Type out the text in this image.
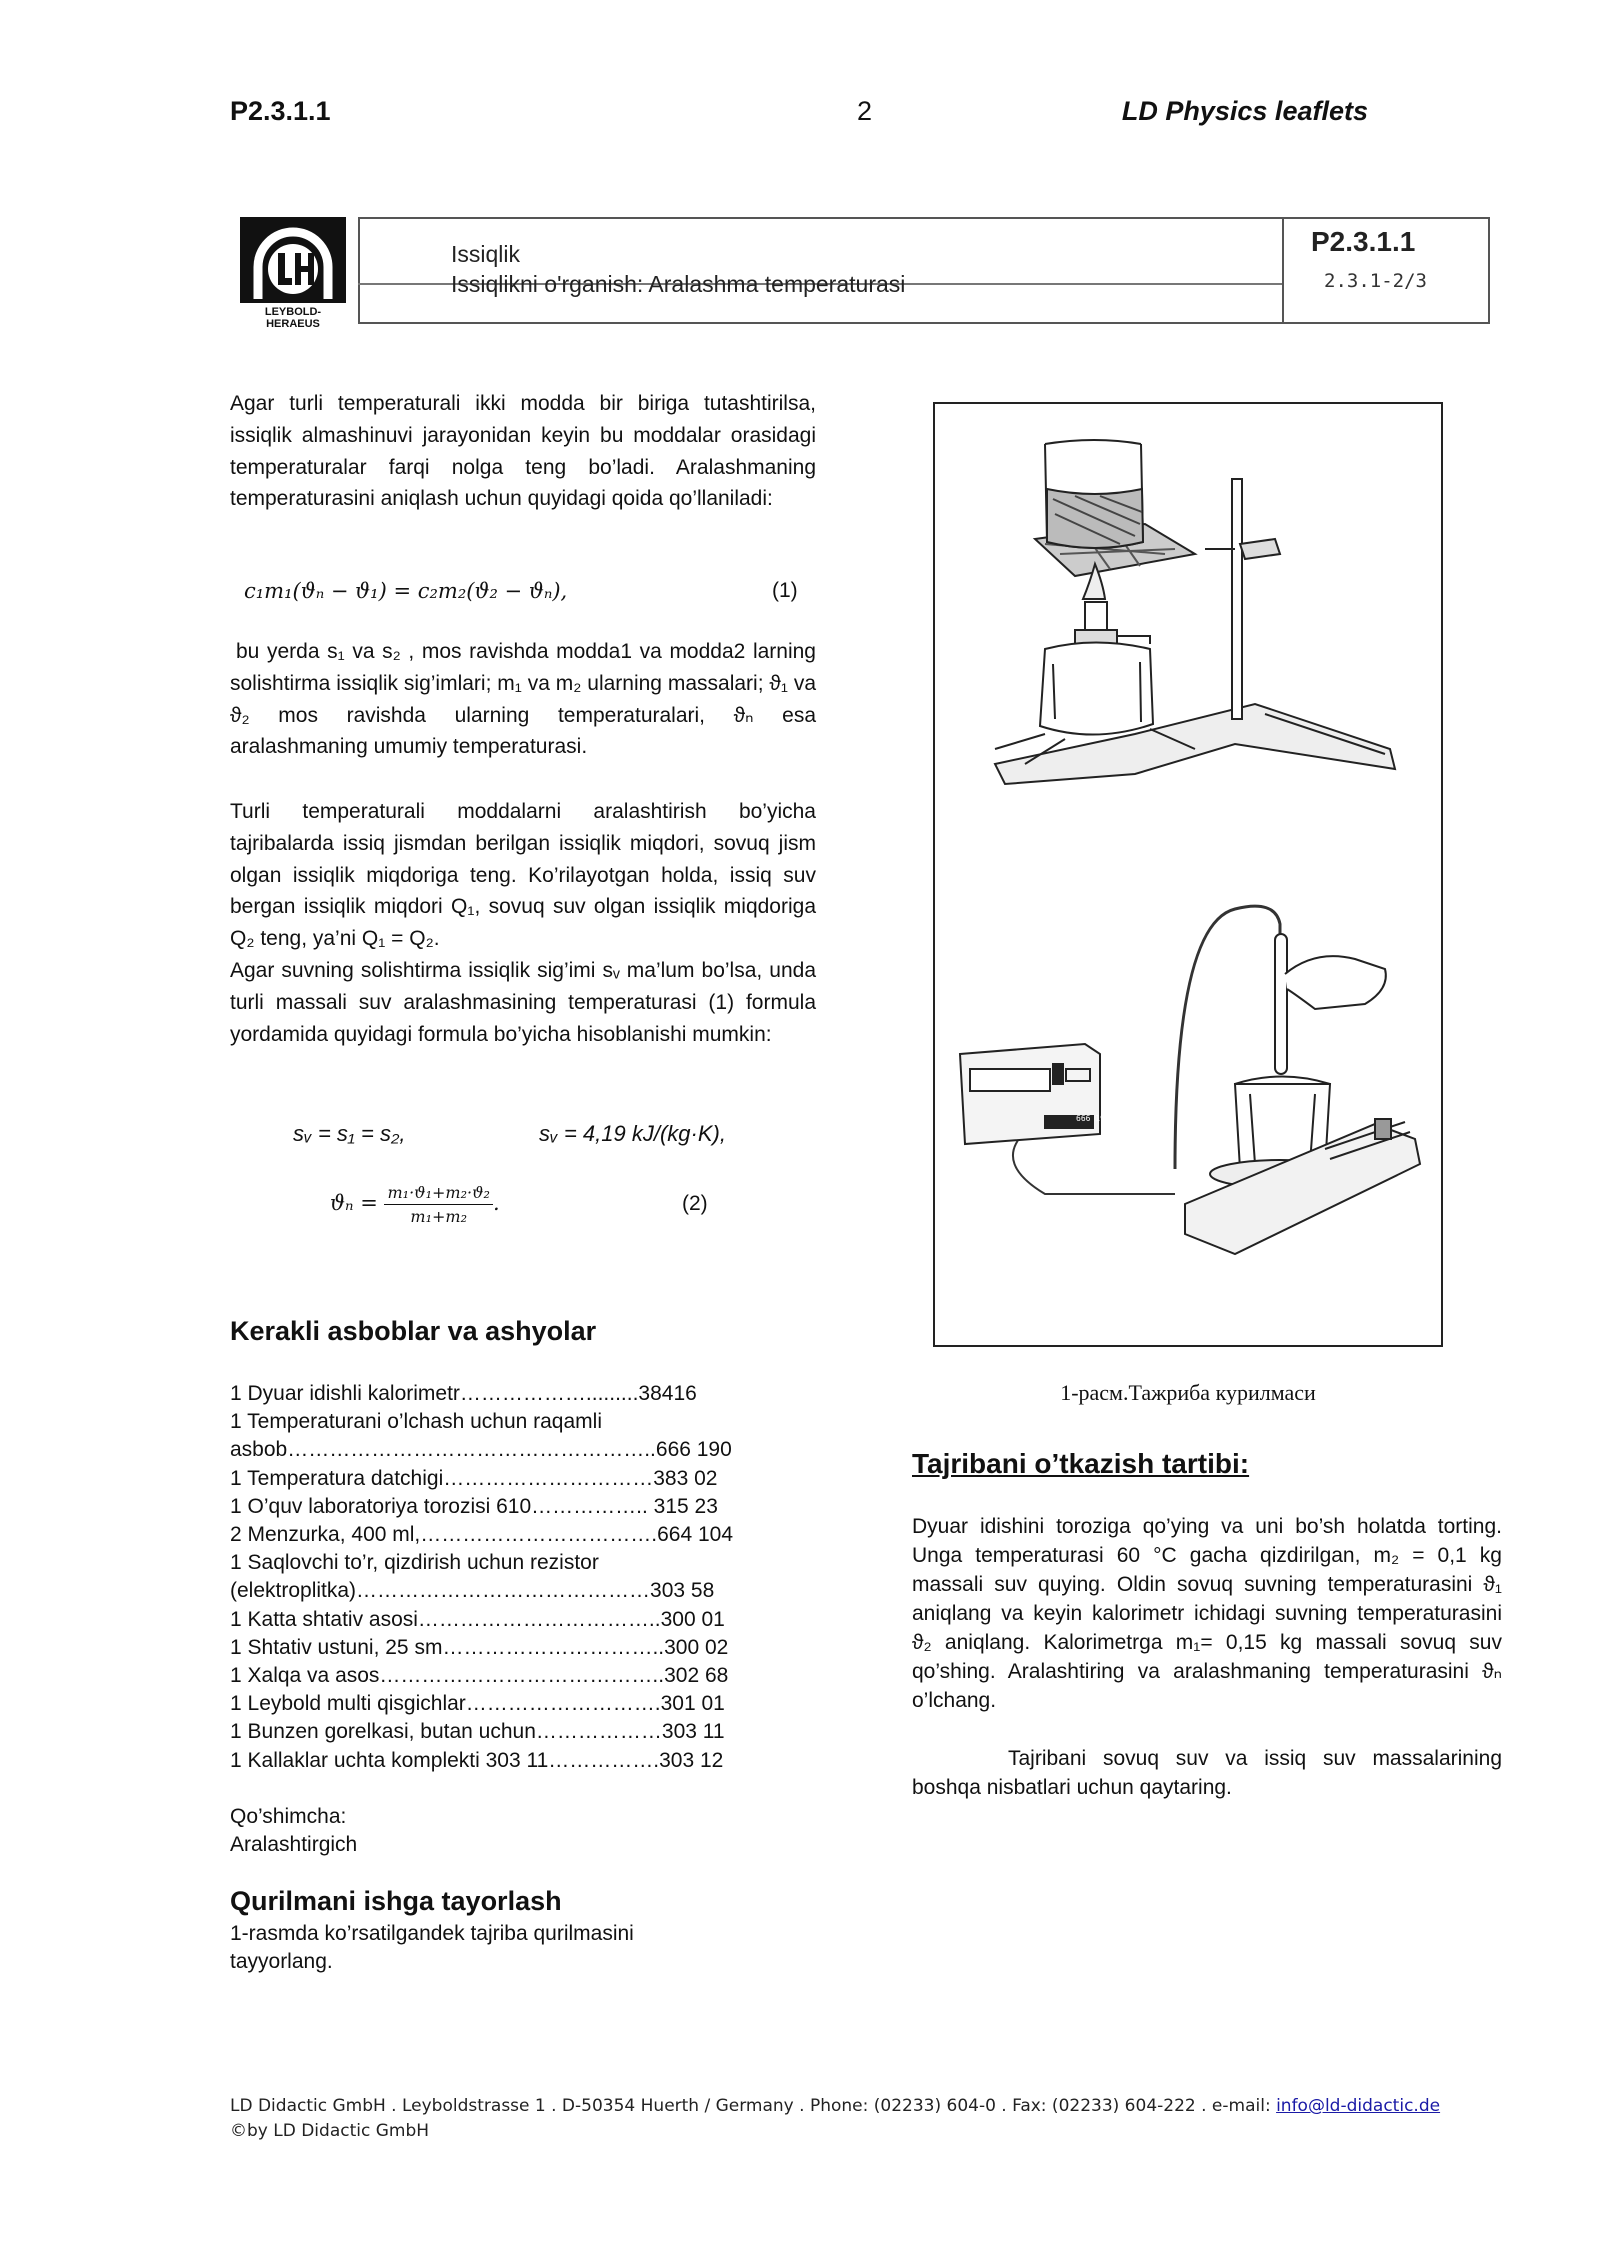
P2.3.1.1	2	LD Physics leaflets
LEYBOLD-HERAEUS
Issiqlik
Issiqlikni o'rganish: Aralashma temperaturasi
P2.3.1.1
2.3.1-2/3
Agar turli temperaturali ikki modda bir biriga tutashtirilsa, issiqlik almashinuvi jarayonidan keyin bu moddalar orasidagi temperaturalar farqi nolga teng bo’ladi. Aralashmaning temperaturasini aniqlash uchun quyidagi qoida qo’llaniladi:
c₁m₁(ϑₙ − ϑ₁) = c₂m₂(ϑ₂ − ϑₙ),	(1)
bu yerda s₁ va s₂ , mos ravishda modda1 va modda2 larning solishtirma issiqlik sig’imlari; m₁ va m₂ ularning massalari; ϑ₁ va ϑ₂ mos ravishda ularning temperaturalari, ϑₙ esa aralashmaning umumiy temperaturasi.
Turli temperaturali moddalarni aralashtirish bo’yicha tajribalarda issiq jismdan berilgan issiqlik miqdori, sovuq jism olgan issiqlik miqdoriga teng. Ko’rilayotgan holda, issiq suv bergan issiqlik miqdori Q₁, sovuq suv olgan issiqlik miqdoriga Q₂ teng, ya’ni Q₁ = Q₂.
Agar suvning solishtirma issiqlik sig’imi sᵥ ma’lum bo’lsa, unda turli massali suv aralashmasining temperaturasi (1) formula yordamida quyidagi formula bo’yicha hisoblanishi mumkin:
sᵥ = s₁ = s₂,	sᵥ = 4,19 kJ/(kg·K),
$ϑ_n = \frac{\text{m₁·ϑ₁+m₂·ϑ₂}}{\text{m₁+m₂}}$ .	(2)
Kerakli asboblar va ashyolar
1 Dyuar idishli kalorimetr……………….........38416
1 Temperaturani o’lchash uchun raqamli
asbob……………………………………………..666 190
1 Temperatura datchigi…………………………383 02
1 O’quv laboratoriya torozisi 610…………….. 315 23
2 Menzurka, 400 ml,…………………………….664 104
1 Saqlovchi to’r, qizdirish uchun rezistor
(elektroplitka)……………………………………303 58
1 Katta shtativ asosi……………………………..300 01
1 Shtativ ustuni, 25 sm…………………………..300 02
1 Xalqa va asos…………………………………..302 68
1 Leybold multi qisgichlar……………………….301 01
1 Bunzen gorelkasi, butan uchun………………303 11
1 Kallaklar uchta komplekti 303 11…………….303 12
Qo’shimcha:
Aralashtirgich
Qurilmani ishga tayorlash
1-rasmda ko’rsatilgandek tajriba qurilmasini tayyorlang.
666 190
1-расм.Тажриба курилмаси
Tajribani o’tkazish tartibi:
Dyuar idishini toroziga qo’ying va uni bo’sh holatda torting. Unga temperaturasi 60 °C gacha qizdirilgan, m₂ = 0,1 kg massali suv quying. Oldin sovuq suvning temperaturasini ϑ₁ aniqlang va keyin kalorimetr ichidagi suvning temperaturasini ϑ₂ aniqlang. Kalorimetrga m₁= 0,15 kg massali sovuq suv qo’shing. Aralashtiring va aralashmaning temperaturasini ϑₙ o’lchang.
Tajribani sovuq suv va issiq suv massalarining boshqa nisbatlari uchun qaytaring.
LD Didactic GmbH . Leyboldstrasse 1 . D-50354 Huerth / Germany . Phone: (02233) 604-0 . Fax: (02233) 604-222 . e-mail: info@ld-didactic.de
©by LD Didactic GmbH
